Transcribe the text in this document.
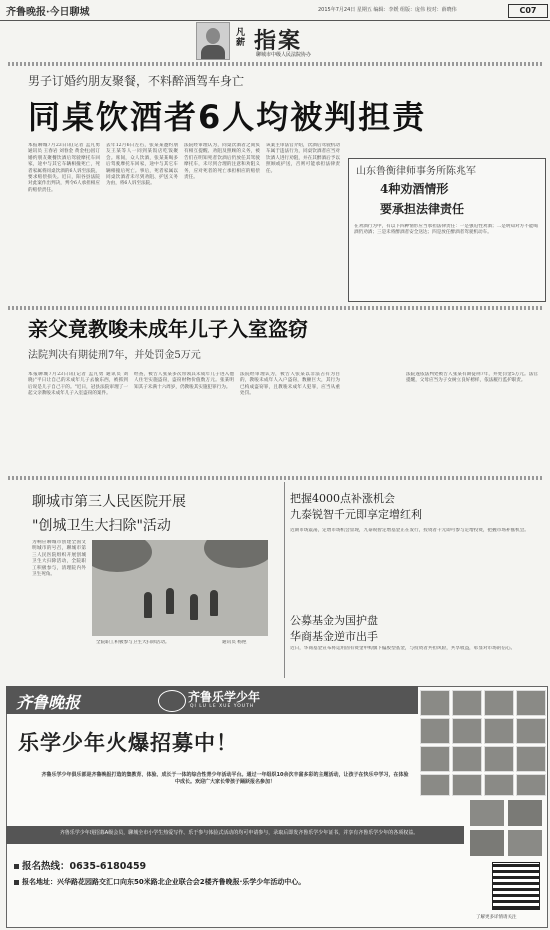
齐鲁晚报·今日聊城	2015年7月24日 星期五 编辑：李媛 组版：庞伟 校对：薛晓伟	C07
凡薪 指案
聊城市中级人民法院协办
男子订婚约朋友聚餐，不料醉酒驾车身亡
同桌饮酒者6人均被判担责
本报聊城7月23日讯(记者 孟凡勇 通讯员 王春岩 刘春金 黄金柱)因订婚约朋友聚餐饮酒后驾驶摩托车回家，途中与其它车辆相撞死亡，死者家属将同桌饮酒的6人诉至法院，要求赔偿损失。近日，阳谷县法院对此案作出判决，判令6人承担相应的赔偿责任。
去年12月6日左右，张某某邀约朋友王某等人一同到某饭店吃饭聚会。席间，众人饮酒，张某某喝多后驾驶摩托车回家，途中与其它车辆相撞后死亡。事后，死者家属以同桌饮酒者未尽到劝阻、护送义务为由，将6人诉至法院。
法院经审理认为，同桌饮酒者之间负有相互提醒、劝阻及照顾的义务，被告们在明知死者饮酒后仍放任其驾驶摩托车，未尽到合理的注意和劝阻义务，应对死者的死亡承担相应的赔偿责任。
该案主审法官介绍，饮酒后驾驶机动车属于违法行为，同桌饮酒者应当对饮酒人进行劝阻，并在其醉酒后予以照顾或护送，否则可能承担法律责任。	山东鲁衡律师事务所陈兆军
4种劝酒情形
要承担法律责任
在劝酒行为中，有以下四种情形应当承担法律责任：一是强迫性劝酒；二是明知对方不能喝酒仍劝酒；三是未将醉酒者安全送达；四是放任醉酒者驾驶机动车。
亲父竟教唆未成年儿子入室盗窃
法院判决有期徒刑7年，并处罚金5万元
本报聊城7月23日讯(记者 孟凡勇 通讯员 刘晓)"平日让自己的未成年儿子去偷东西，被抓到后说是儿子自己干的。"近日，冠县法院审理了一起父亲教唆未成年儿子入室盗窃的案件。
经查，被告人张某多次带领其未成年儿子进入他人住宅实施盗窃，盗窃财物价值数万元。张某明知其子未满十六周岁，仍教唆其实施犯罪行为。
法院经审理认为，被告人张某以非法占有为目的，教唆未成年人入户盗窃，数额巨大，其行为已构成盗窃罪，且教唆未成年人犯罪，应当从重处罚。
法院遂依法判处被告人张某有期徒刑7年，并处罚金5万元。法官提醒，父母应当为子女树立良好榜样，依法履行监护职责。
聊城市第三人民医院开展
"创城卫生大扫除"活动
为响应聊城市创建全国文明城市的号召，聊城市第三人民医院组织开展创城卫生大扫除活动，全院职工积极参与，清理院内外卫生死角。
全院职工积极参与卫生大扫除活动。	通讯员 杨艳
把握4000点补涨机会
九泰锐智千元即享定增红利
近期市场震荡，定增市场机会显现，九泰锐智定增基金正在发行，投资者千元即可参与定增投资，把握市场补涨机会。
公募基金为国护盘
华商基金逆市出手
近日，华商基金宣布将运用固有资金申购旗下偏股型基金，与投资者共担风险，共享收益，彰显对市场的信心。
齐鲁晚报	齐鲁乐学少年
QI LU LE XUE YOUTH
乐学少年火爆招募中！
齐鲁乐学少年俱乐部是齐鲁晚报打造的集教育、体验、成长于一体的综合性青少年活动平台。通过一年组织10余次丰富多彩的主题活动，让孩子在快乐中学习，在体验中成长。欢迎广大家长带孩子踊跃报名参加！
齐鲁乐学少年现招募A级会员，聊城全市小学生热爱写作、乐于参与体验式活动的均可申请参与，录取后即发齐鲁乐学少年证书，并享有齐鲁乐学少年的各项权益。
报名热线：0635-6180459
报名地址：兴华路花园路交汇口向东50米路北企业联合会2楼齐鲁晚报·乐学少年活动中心。
了解更多详情请关注
